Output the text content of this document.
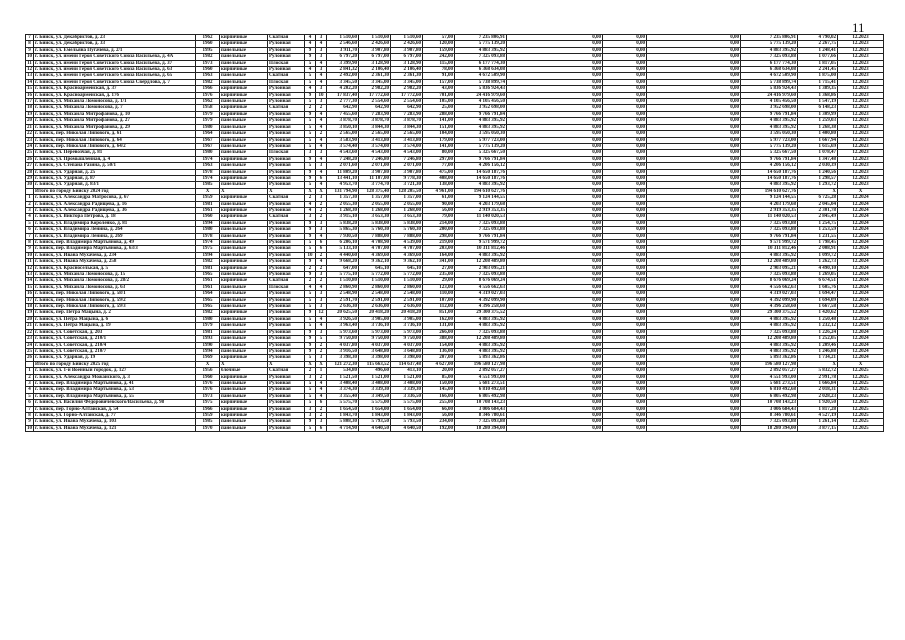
11
7	г. Бийск, ул. Декабристов, д. 23	1962	кирпичные	Скатная	4	3	1 510,60	1 510,60	1 510,60	57,00	7 235 806,91	0,00	0,00	0,00	7 235 806,91	4 790,02	12.2023
8	г. Бийск, ул. Декабристов, д. 33	1960	кирпичные	Рулонная	4	4	2 546,60	2 426,60	2 426,60	120,00	5 775 139,20	0,00	0,00	0,00	5 775 139,20	2 267,75	12.2023
9	г. Бийск, ул. Емельяна Пугачева, д. 2/1	1995	панельные	Рулонная	9	3	3 911,70	3 907,80	3 907,80	159,00	4 883 395,92	0,00	0,00	0,00	4 883 395,92	1 248,41	12.2023
10	г. Бийск, ул. имени Героя Советского Союза Васильева, д. 4А	1982	панельные	Рулонная	9	3	6 797,20	6 797,00	6 797,00	242,00	7 325 093,88	0,00	0,00	0,00	7 325 093,88	1 077,66	12.2023
11	г. Бийск, ул. имени Героя Советского Союза Васильева, д. 37	1973	панельные	Плоская	5	4	3 399,90	3 128,90	3 128,90	115,00	6 177 774,30	0,00	0,00	0,00	6 177 774,30	1 817,05	12.2023
12	г. Бийск, ул. имени Героя Советского Союза Васильева, д. 63	1960	кирпичные	Рулонная	4	3	2 841,32	2 106,40	2 106,40	78,00	6 368 634,08	0,00	0,00	0,00	6 368 634,08	2 241,45	12.2023
13	г. Бийск, ул. имени Героя Советского Союза Васильева, д. 65	1963	панельные	Скатная	5	4	2 492,00	2 361,30	2 361,30	91,00	4 672 509,90	0,00	0,00	0,00	4 672 509,90	1 875,00	12.2023
14	г. Бийск, ул. имени Героя Советского Союза Свердлова, д. 7	1982	панельные	Плоская	5	4	3 345,50	3 345,00	3 345,00	157,00	5 738 899,74	0,00	0,00	0,00	5 738 899,74	1 715,41	12.2023
15	г. Бийск, ул. Красноармейская, д. 37	1966	кирпичные	Рулонная	4	3	4 202,20	2 982,20	2 982,20	43,00	5 836 924,43	0,00	0,00	0,00	5 836 924,43	1 389,35	12.2023
16	г. Бийск, ул. Красноармейская, д. 176	1976	кирпичные	Рулонная	9	10	17 837,40	17 772,60	17 772,60	701,00	24 416 979,60	0,00	0,00	0,00	24 416 979,60	1 368,86	12.2023
17	г. Бийск, ул. Михаила Ломоносова, д. 1/1	1962	панельные	Рулонная	5	3	2 777,30	2 554,60	2 554,60	105,00	4 105 456,50	0,00	0,00	0,00	4 105 456,50	1 547,19	12.2023
18	г. Бийск, ул. Михаила Ломоносова, д. 7	1958	кирпичные	Скатная	2	2	642,90	642,90	642,90	25,00	3 952 698,00	0,00	0,00	0,00	3 952 698,00	6 148,23	12.2023
19	г. Бийск, ул. Михаила Митрофанова, д. 10	1979	кирпичные	Рулонная	9	4	7 455,60	7 283,90	7 283,90	288,00	9 766 791,84	0,00	0,00	0,00	9 766 791,84	1 309,99	12.2023
20	г. Бийск, ул. Михаила Митрофанова, д. 27	1979	панельные	Рулонная	5	4	3 878,70	3 878,70	3 878,70	141,00	4 883 395,92	0,00	0,00	0,00	4 883 395,92	1 259,03	12.2023
21	г. Бийск, ул. Михаила Митрофанова, д. 29	1980	панельные	Рулонная	5	4	3 850,10	3 844,30	3 844,30	151,00	4 883 395,92	0,00	0,00	0,00	4 883 395,92	1 268,38	12.2023
22	г. Бийск, пер. Николая Липового, д. 61	1964	панельные	Рулонная	5	2	2 565,00	2 565,00	2 565,00	104,00	3 595 050,30	0,00	0,00	0,00	3 595 050,30	1 400,80	12.2023
23	г. Бийск, пер. Николая Липового, д. 64	1967	панельные	Рулонная	5	4	3 583,90	3 413,80	3 413,80	179,00	5 977 723,00	0,00	0,00	0,00	5 977 723,00	1 667,94	12.2023
24	г. Бийск, пер. Николая Липового, д. 64/2	1967	панельные	Рулонная	5	4	3 574,40	3 574,00	3 574,00	141,00	5 775 139,20	0,00	0,00	0,00	5 775 139,20	1 615,69	12.2023
25	г. Бийск, ул. Перевозчая, д. 81	1980	панельные	Плоская	3	3	4 543,60	4 543,00	4 543,00	80,00	5 325 667,50	0,00	0,00	0,00	5 325 667,50	1 078,47	12.2023
26	г. Бийск, ул. Промышленная, д. 4	1974	кирпичные	Рулонная	9	4	7 248,20	7 246,80	7 246,80	297,00	9 766 791,84	0,00	0,00	0,00	9 766 791,84	1 347,48	12.2023
27	г. Бийск, ул. Степана Разина, д. 50/1	1963	панельные	Рулонная	5	3	2 071,60	2 071,00	2 071,00	77,00	4 206 156,12	0,00	0,00	0,00	4 206 156,12	2 030,39	12.2023
28	г. Бийск, ул. Ударная, д. 25	1978	панельные	Рулонная	9	4	11 809,20	3 907,80	3 907,80	475,00	14 650 187,76	0,00	0,00	0,00	14 650 187,76	1 240,56	12.2023
29	г. Бийск, ул. Ударная, д. 87	1974	кирпичные	Рулонная	9	6	13 441,10	11 107,00	9 778,30	408,00	14 650 187,76	0,00	0,00	0,00	14 650 187,76	1 298,57	12.2023
30	г. Бийск, ул. Ударная, д. 83/1	1985	панельные	Рулонная	5	4	4 953,70	3 774,70	3 721,30	138,00	4 883 395,92	0,00	0,00	0,00	4 883 395,92	1 293,72	12.2023
	Итого по городу Бийску 2024 год	X	X	X	X	X	131 794,90	128 375,40	128 205,50	4 961,00	194 610 627,76	0,00	0,00	0,00	194 610 627,76	X	X
1	г. Бийск, ул. Александра Матросова, д. 67	1959	кирпичные	Скатная	2	3	1 357,30	1 357,00	1 357,00	61,00	9 124 144,55	0,00	0,00	0,00	9 124 144,55	6 725,28	12.2024
2	г. Бийск, ул. Александра Радищева, д. 16	1981	панельные	Рулонная	4	2	2 055,30	2 055,00	2 055,00	90,00	4 203 179,68	0,00	0,00	0,00	4 203 179,68	2 045,04	12.2024
3	г. Бийск, ул. Александра Радищева, д. 36	1961	кирпичные	Рулонная	4	2	1 268,30	1 268,00	1 268,00	56,00	2 919 353,35	0,00	0,00	0,00	2 919 353,35	2 301,78	12.2024
4	г. Бийск, ул. Виктора Петрова, д. 18	1960	кирпичные	Скатная	3	2	3 915,10	3 653,30	3 653,30	79,00	11 140 020,53	0,00	0,00	0,00	11 140 020,53	2 845,49	12.2024
5	г. Бийск, ул. Владимира Короленко, д. 81	1994	панельные	Рулонная	9	3	5 838,20	5 838,00	5 838,00	214,00	7 325 093,88	0,00	0,00	0,00	7 325 093,88	1 254,75	12.2024
6	г. Бийск, ул. Владимира Ленина, д. 264	1980	панельные	Рулонная	9	3	5 865,30	5 760,30	5 760,30	200,00	7 325 093,88	0,00	0,00	0,00	7 325 093,88	1 253,59	12.2024
7	г. Бийск, ул. Владимира Ленина, д. 269	1978	панельные	Рулонная	9	4	7 930,50	7 888,00	7 888,00	298,00	9 766 791,84	0,00	0,00	0,00	9 766 791,84	1 231,55	12.2024
8	г. Бийск, пер. Владимира Мартьянова, д. 49	1974	панельные	Рулонная	5	6	6 206,10	4 708,90	4 539,00	219,00	9 571 999,72	0,00	0,00	0,00	9 571 999,72	1 798,45	12.2024
9	г. Бийск, пер. Владимира Мартьянова, д. 63/3	1975	панельные	Рулонная	5	6	5 133,10	4 707,00	4 707,00	203,00	10 311 812,46	0,00	0,00	0,00	10 311 812,46	2 008,91	12.2024
10	г. Бийск, ул. Ивана Мухачева, д. 234	1994	панельные	Рулонная	10	2	4 440,60	4 369,60	4 369,60	164,00	4 883 395,92	0,00	0,00	0,00	4 883 395,92	1 099,72	12.2024
11	г. Бийск, ул. Ивана Мухачева, д. 258	1982	кирпичные	Рулонная	9	4	9 668,20	9 362,10	9 362,10	341,00	12 208 489,80	0,00	0,00	0,00	12 208 489,80	1 262,73	12.2024
12	г. Бийск, ул. Красноселькая, д. 5	1981	кирпичные	Рулонная	2	2	647,00	645,10	645,10	27,00	2 903 095,21	0,00	0,00	0,00	2 903 095,21	4 490,10	12.2024
13	г. Бийск, ул. Михаила Ломоносова, д. 15	1965	панельные	Рулонная	9	3	5 775,10	5 772,00	5 772,00	235,00	7 325 093,88	0,00	0,00	0,00	7 325 093,88	1 269,05	12.2024
14	г. Бийск, ул. Михаила Ломоносова, д. 28/2	1961	кирпичные	Скатная	2	2	1 510,80	1 510,00	1 510,00	29,00	8 676 069,24	0,00	0,00	0,00	8 676 069,24	6 674,51	12.2024
15	г. Бийск, ул. Михаила Ломоносова, д. 63	1961	панельные	Плоская	4	4	2 860,90	2 860,00	2 860,00	123,00	4 556 662,63	0,00	0,00	0,00	4 556 662,63	1 605,76	12.2024
16	г. Бийск, пер. Николая Липового, д. 58/1	1964	панельные	Рулонная	5	3	2 548,90	2 548,00	2 548,00	110,00	4 319 027,03	0,00	0,00	0,00	4 319 027,03	1 694,47	12.2024
17	г. Бийск, пер. Николая Липового, д. 59/2	1965	панельные	Рулонная	5	3	2 591,70	2 591,00	2 591,00	107,00	4 392 099,90	0,00	0,00	0,00	4 392 099,90	1 694,09	12.2024
18	г. Бийск, пер. Николая Липового, д. 59/3	1965	панельные	Рулонная	5	3	2 636,30	2 636,00	2 636,00	112,00	4 396 258,60	0,00	0,00	0,00	4 396 258,60	1 667,58	12.2024
19	г. Бийск, пер. Петра Мацына, д. 2	1982	кирпичные	Рулонная	9	12	20 625,50	20 418,20	20 418,20	851,00	29 300 375,52	0,00	0,00	0,00	29 300 375,52	1 420,62	12.2024
20	г. Бийск, ул. Петра Мацына, д. 6	1980	панельные	Рулонная	5	4	3 926,50	3 905,00	3 905,00	162,00	4 883 395,92	0,00	0,00	0,00	4 883 395,92	1 250,48	12.2024
21	г. Бийск, ул. Петра Мацына, д. 19	1979	панельные	Рулонная	5	4	3 963,40	3 736,10	3 736,10	131,00	4 883 395,92	0,00	0,00	0,00	4 883 395,92	1 232,12	12.2024
22	г. Бийск, ул. Советская, д. 203	1981	панельные	Рулонная	9	3	5 973,60	5 973,00	5 973,00	266,00	7 325 093,88	0,00	0,00	0,00	7 325 093,88	1 226,24	12.2024
23	г. Бийск, ул. Советская, д. 210/1	1993	панельные	Рулонная	9	5	9 750,80	9 750,00	9 750,00	388,00	12 208 489,80	0,00	0,00	0,00	12 208 489,80	1 252,05	12.2024
24	г. Бийск, ул. Советская, д. 210/4	1990	панельные	Рулонная	9	2	4 037,80	4 037,00	4 037,00	154,00	4 883 395,92	0,00	0,00	0,00	4 883 395,92	1 209,46	12.2024
25	г. Бийск, ул. Советская, д. 210/7	1994	панельные	Рулонная	9	2	3 916,50	3 648,80	3 648,80	136,00	4 883 395,92	0,00	0,00	0,00	4 883 395,92	1 246,88	12.2024
26	г. Бийск, ул. Ударная, д. 19	1969	кирпичные	Рулонная	5	3	3 398,30	3 398,00	3 398,00	207,00	5 893 362,86	0,00	0,00	0,00	5 893 362,86	1 734,21	12.2024
	Итого по городу Бийску 2025 год	X	X	X	X	X	121 272,30	115 663,52	114 637,48	4 627,00	196 580 127,98	0,00	0,00	0,00	196 580 127,98	X	X
1	г. Бийск, ул. 1-й Военный городок, д. 127	1956	блочные	Скатная	2	1	534,80	496,60	413,10	20,00	2 892 057,27	0,00	0,00	0,00	2 892 057,27	5 832,72	12.2025
2	г. Бийск, ул. Александра Можайского, д. 3	1960	кирпичные	Рулонная	3	2	1 521,50	1 521,00	1 521,00	85,00	4 551 993,00	0,00	0,00	0,00	4 551 993,00	2 991,78	12.2025
3	г. Бийск, пер. Владимира Мартьянова, д. 41	1976	панельные	Рулонная	5	4	3 408,40	3 408,00	3 408,00	150,00	5 681 273,51	0,00	0,00	0,00	5 681 273,51	1 666,84	12.2025
4	г. Бийск, пер. Владимира Мартьянова, д. 53	1976	панельные	Рулонная	5	4	3 374,30	3 339,30	3 339,30	145,00	6 810 492,68	0,00	0,00	0,00	6 810 492,68	2 018,31	12.2025
5	г. Бийск, пер. Владимира Мартьянова, д. 55	1973	панельные	Рулонная	5	4	3 355,40	3 349,50	3 336,50	166,00	6 805 492,98	0,00	0,00	0,00	6 805 492,98	2 028,23	12.2025
6	г. Бийск, ул. Василия Фёдоровичевского/Васильева, д. 98	1975	кирпичные	Рулонная	5	6	5 575,70	5 575,00	5 575,00	255,00	10 708 143,23	0,00	0,00	0,00	10 708 143,23	1 920,50	12.2025
7	г. Бийск, пер. Горно-Алтайская, д. 54	1966	кирпичные	Рулонная	3	2	1 654,50	1 654,00	1 654,00	66,00	3 006 684,43	0,00	0,00	0,00	3 006 684,43	1 817,28	12.2025
8	г. Бийск, ул. Горно-Алтайская, д. 77	1959	кирпичные	Рулонная	3	2	1 843,70	1 843,00	1 843,00	56,00	8 346 780,61	0,00	0,00	0,00	8 346 780,61	4 527,19	12.2025
9	г. Бийск, ул. Ивана Мухачева, д. 103	1985	панельные	Рулонная	9	3	5 808,30	5 793,50	5 793,50	234,00	7 325 093,88	0,00	0,00	0,00	7 325 093,88	1 261,14	12.2025
10	г. Бийск, ул. Ивана Мухачева, д. 121	1970	панельные	Рулонная	5	6	4 714,90	4 640,50	4 640,50	192,00	18 280 394,00	0,00	0,00	0,00	18 280 394,00	3 877,15	12.2025
